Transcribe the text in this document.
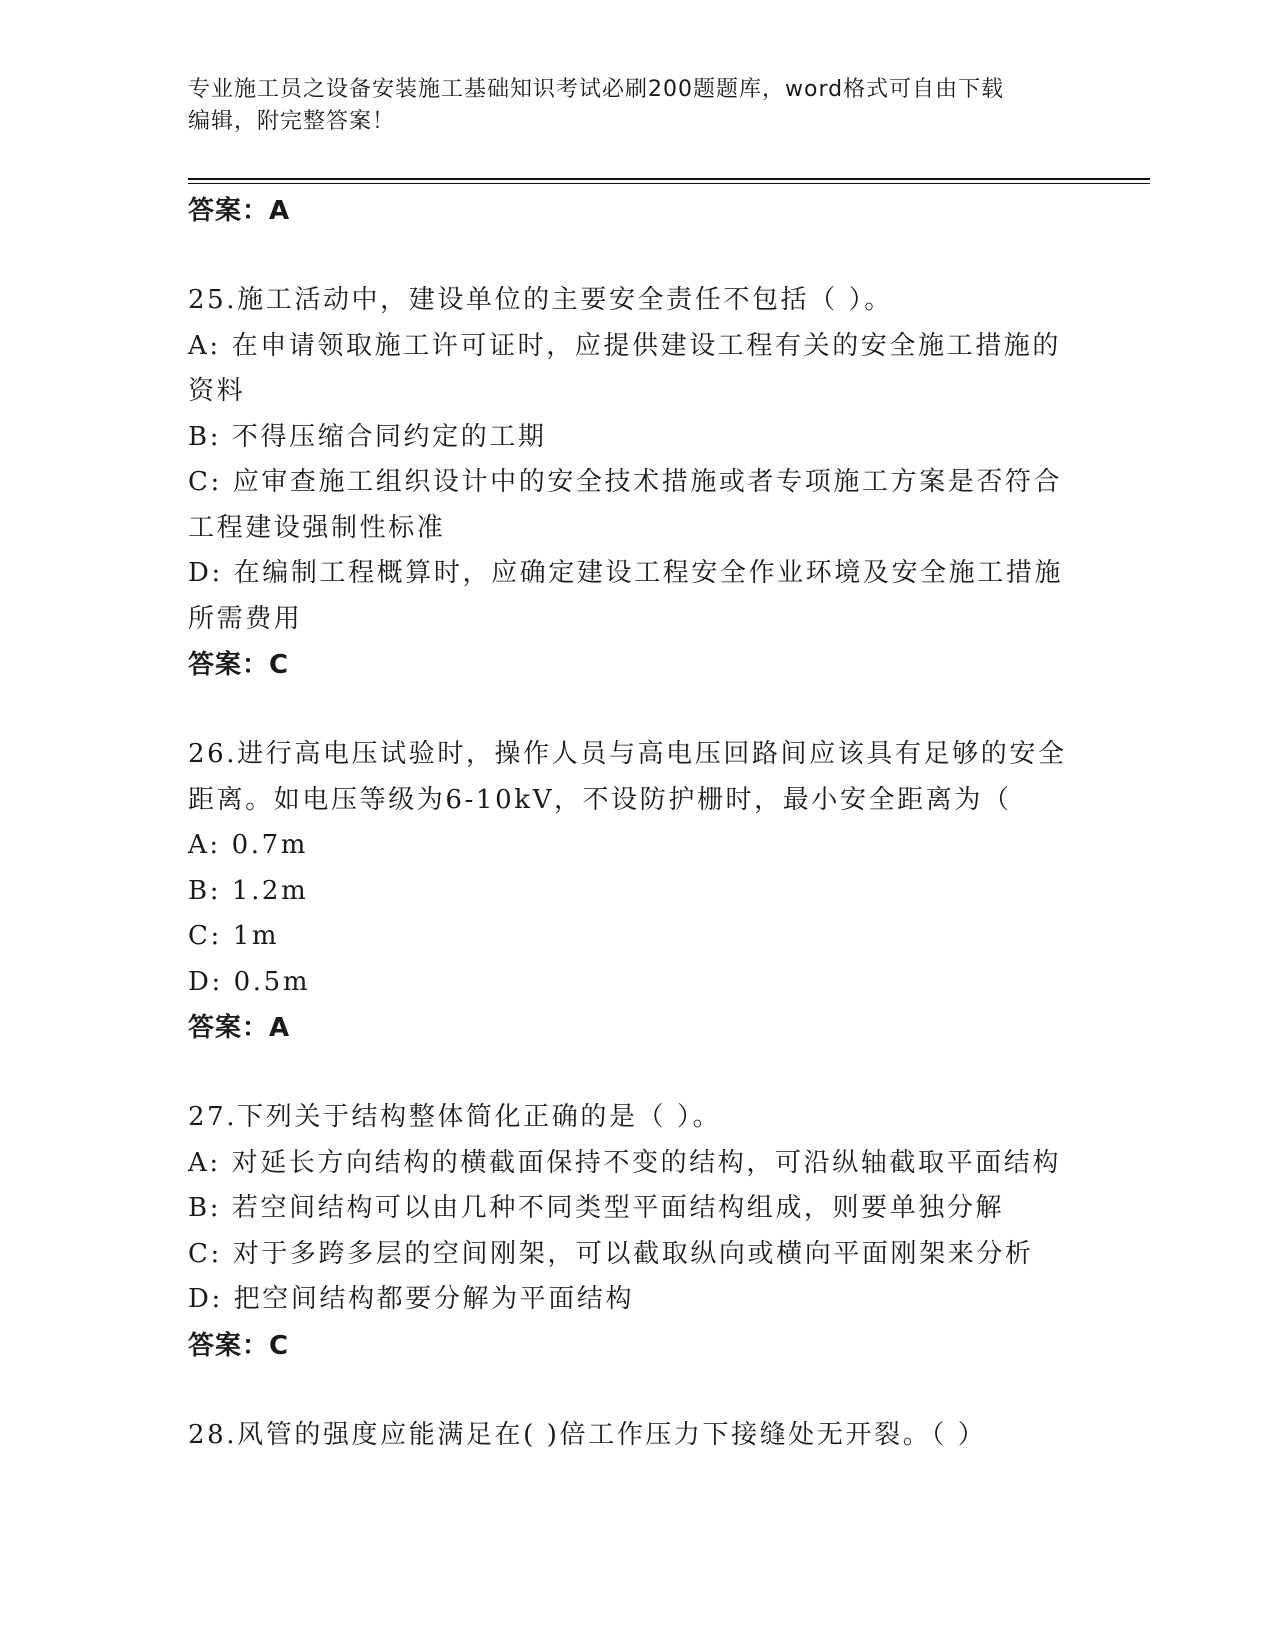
专业施工员之设备安装施工基础知识考试必刷200题题库，word格式可自由下载
编辑，附完整答案！
答案：A
25.施工活动中，建设单位的主要安全责任不包括（ ）。
A: 在申请领取施工许可证时，应提供建设工程有关的安全施工措施的
资料
B: 不得压缩合同约定的工期
C: 应审查施工组织设计中的安全技术措施或者专项施工方案是否符合
工程建设强制性标准
D: 在编制工程概算时，应确定建设工程安全作业环境及安全施工措施
所需费用
答案：C
26.进行高电压试验时，操作人员与高电压回路间应该具有足够的安全
距离。如电压等级为6-10kV，不设防护栅时，最小安全距离为（
A: 0.7m
B: 1.2m
C: 1m
D: 0.5m
答案：A
27.下列关于结构整体简化正确的是（ ）。
A: 对延长方向结构的横截面保持不变的结构，可沿纵轴截取平面结构
B: 若空间结构可以由几种不同类型平面结构组成，则要单独分解
C: 对于多跨多层的空间刚架，可以截取纵向或横向平面刚架来分析
D: 把空间结构都要分解为平面结构
答案：C
28.风管的强度应能满足在( )倍工作压力下接缝处无开裂。（ ）
